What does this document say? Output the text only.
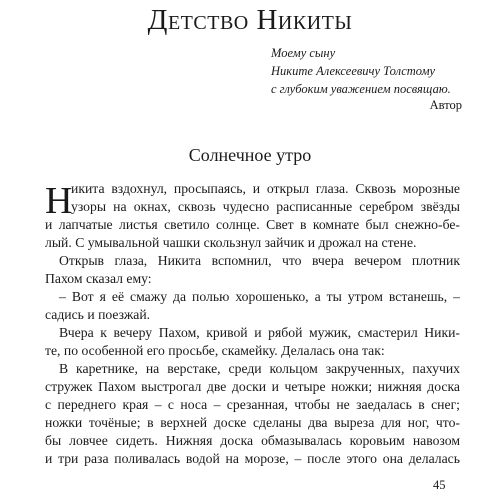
Детство Никиты
Моему сыну
Никите Алексеевичу Толстому
с глубоким уважением посвящаю.
Автор
Солнечное утро
Н
икита вздохнул, просыпаясь, и открыл глаза. Сквозь морозные
узоры на окнах, сквозь чудесно расписанные серебром звёзды
и лапчатые листья светило солнце. Свет в комнате был снежно-бе-
лый. С умывальной чашки скользнул зайчик и дрожал на стене.
Открыв глаза, Никита вспомнил, что вчера вечером плотник
Пахом сказал ему:
– Вот я её смажу да полью хорошенько, а ты утром встанешь, –
садись и поезжай.
Вчера к вечеру Пахом, кривой и рябой мужик, смастерил Ники-
те, по особенной его просьбе, скамейку. Делалась она так:
В каретнике, на верстаке, среди кольцом закрученных, пахучих
стружек Пахом выстрогал две доски и четыре ножки; нижняя доска
с переднего края – с носа – срезанная, чтобы не заедалась в снег;
ножки точёные; в верхней доске сделаны два выреза для ног, что-
бы ловчее сидеть. Нижняя доска обмазывалась коровьим навозом
и три раза поливалась водой на морозе, – после этого она делалась
45
